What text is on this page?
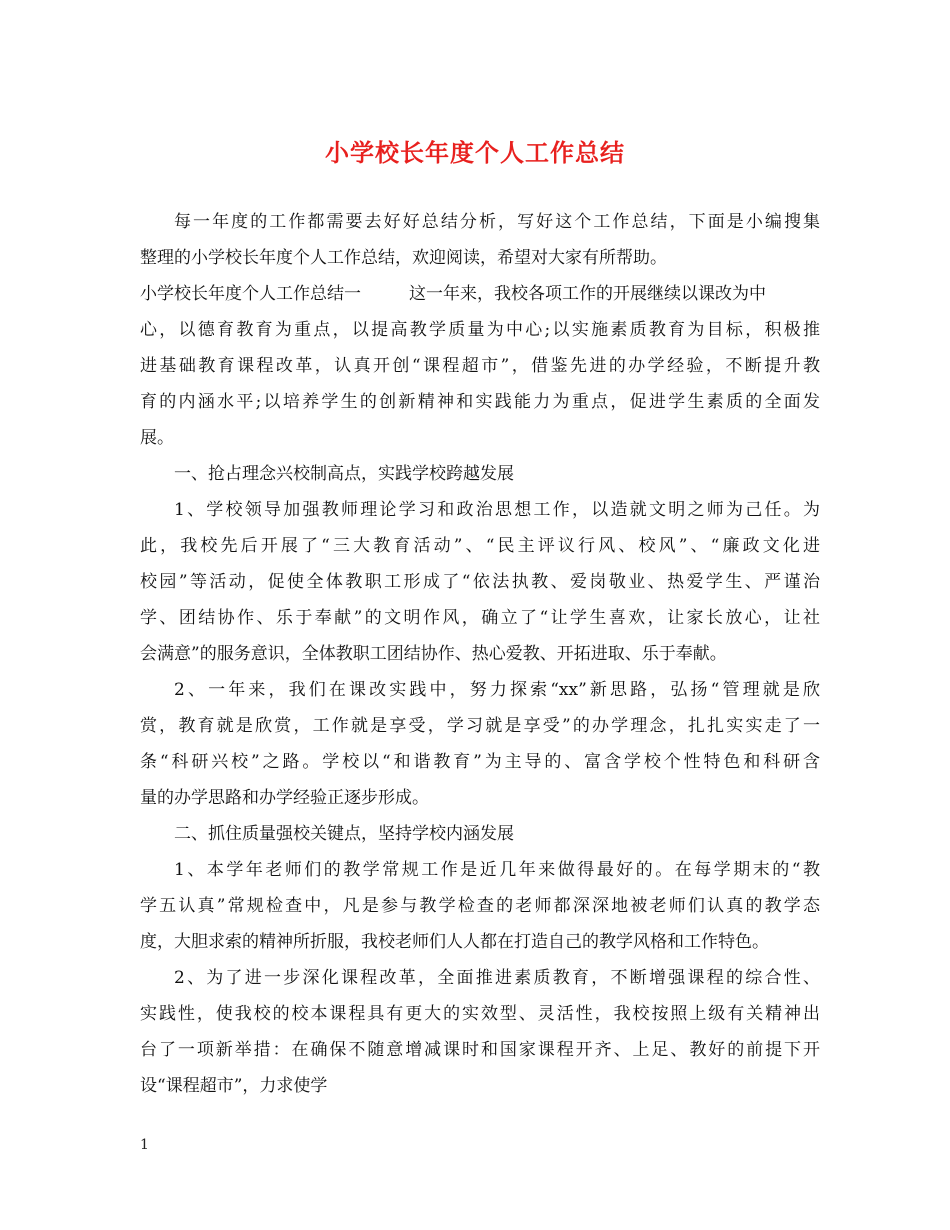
小学校长年度个人工作总结
每一年度的工作都需要去好好总结分析，写好这个工作总结，下面是小编搜集
整理的小学校长年度个人工作总结，欢迎阅读，希望对大家有所帮助。
小学校长年度个人工作总结一	这一年来，我校各项工作的开展继续以课改为中
心，以德育教育为重点，以提高教学质量为中心;以实施素质教育为目标，积极推
进基础教育课程改革，认真开创“课程超市”，借鉴先进的办学经验，不断提升教
育的内涵水平;以培养学生的创新精神和实践能力为重点，促进学生素质的全面发
展。
一、抢占理念兴校制高点，实践学校跨越发展
1、学校领导加强教师理论学习和政治思想工作，以造就文明之师为己任。为
此，我校先后开展了“三大教育活动”、“民主评议行风、校风”、“廉政文化进
校园”等活动，促使全体教职工形成了“依法执教、爱岗敬业、热爱学生、严谨治
学、团结协作、乐于奉献”的文明作风，确立了“让学生喜欢，让家长放心，让社
会满意”的服务意识，全体教职工团结协作、热心爱教、开拓进取、乐于奉献。
2、一年来，我们在课改实践中，努力探索“xx”新思路，弘扬“管理就是欣
赏，教育就是欣赏，工作就是享受，学习就是享受”的办学理念，扎扎实实走了一
条“科研兴校”之路。学校以“和谐教育”为主导的、富含学校个性特色和科研含
量的办学思路和办学经验正逐步形成。
二、抓住质量强校关键点，坚持学校内涵发展
1、本学年老师们的教学常规工作是近几年来做得最好的。在每学期末的“教
学五认真”常规检查中，凡是参与教学检查的老师都深深地被老师们认真的教学态
度，大胆求索的精神所折服，我校老师们人人都在打造自己的教学风格和工作特色。
2、为了进一步深化课程改革，全面推进素质教育，不断增强课程的综合性、
实践性，使我校的校本课程具有更大的实效型、灵活性，我校按照上级有关精神出
台了一项新举措：在确保不随意增减课时和国家课程开齐、上足、教好的前提下开
设“课程超市”，力求使学
1
